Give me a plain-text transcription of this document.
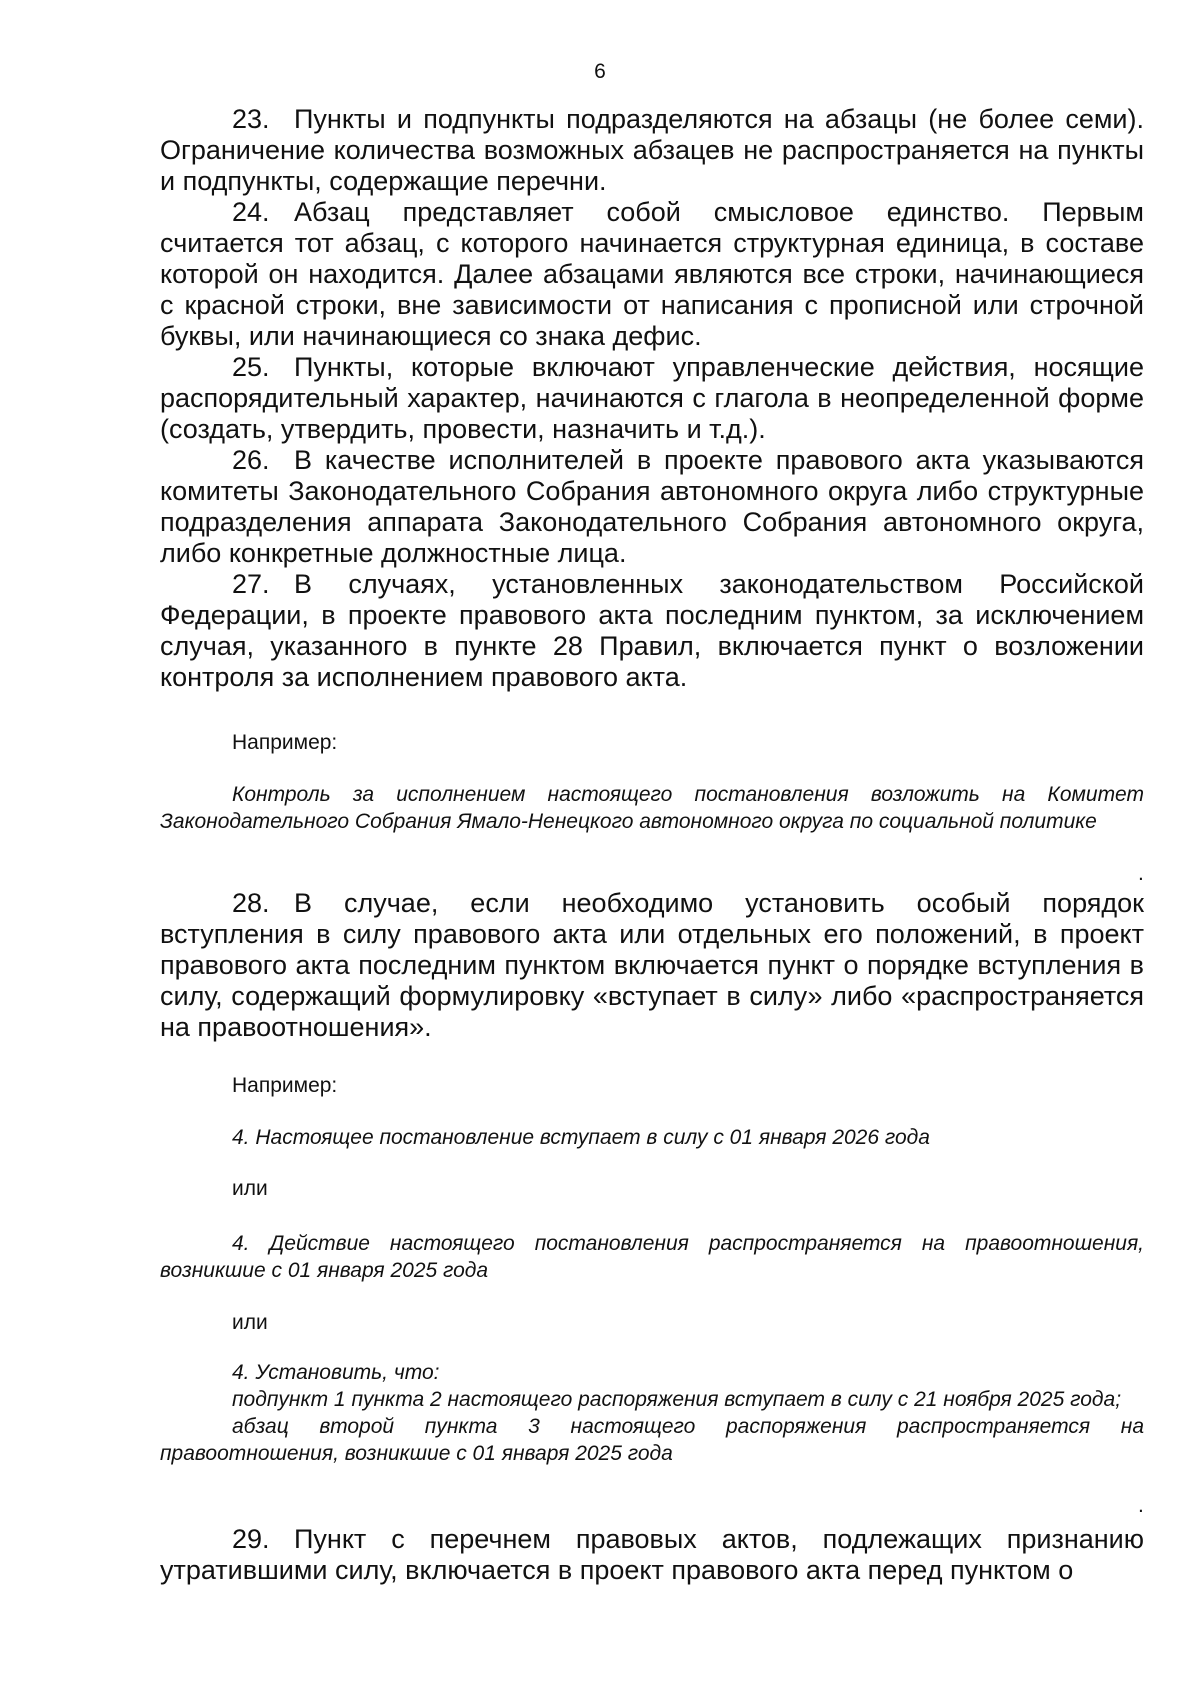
6

23. Пункты и подпункты подразделяются на абзацы (не более семи). Ограничение количества возможных абзацев не распространяется на пункты и подпункты, содержащие перечни.

24. Абзац представляет собой смысловое единство. Первым считается тот абзац, с которого начинается структурная единица, в составе которой он находится. Далее абзацами являются все строки, начинающиеся с красной строки, вне зависимости от написания с прописной или строчной буквы, или начинающиеся со знака дефис.

25. Пункты, которые включают управленческие действия, носящие распорядительный характер, начинаются с глагола в неопределенной форме (создать, утвердить, провести, назначить и т.д.).

26. В качестве исполнителей в проекте правового акта указываются комитеты Законодательного Собрания автономного округа либо структурные подразделения аппарата Законодательного Собрания автономного округа, либо конкретные должностные лица.

27. В случаях, установленных законодательством Российской Федерации, в проекте правового акта последним пунктом, за исключением случая, указанного в пункте 28 Правил, включается пункт о возложении контроля за исполнением правового акта.

Например:

Контроль за исполнением настоящего постановления возложить на Комитет Законодательного Собрания Ямало-Ненецкого автономного округа по социальной политике

.

28. В случае, если необходимо установить особый порядок вступления в силу правового акта или отдельных его положений, в проект правового акта последним пунктом включается пункт о порядке вступления в силу, содержащий формулировку «вступает в силу» либо «распространяется на правоотношения».

Например:

4. Настоящее постановление вступает в силу с 01 января 2026 года

или

4. Действие настоящего постановления распространяется на правоотношения, возникшие с 01 января 2025 года

или

4. Установить, что:

подпункт 1 пункта 2 настоящего распоряжения вступает в силу с 21 ноября 2025 года;

абзац второй пункта 3 настоящего распоряжения распространяется на правоотношения, возникшие с 01 января 2025 года

.

29. Пункт с перечнем правовых актов, подлежащих признанию утратившими силу, включается в проект правового акта перед пунктом о
